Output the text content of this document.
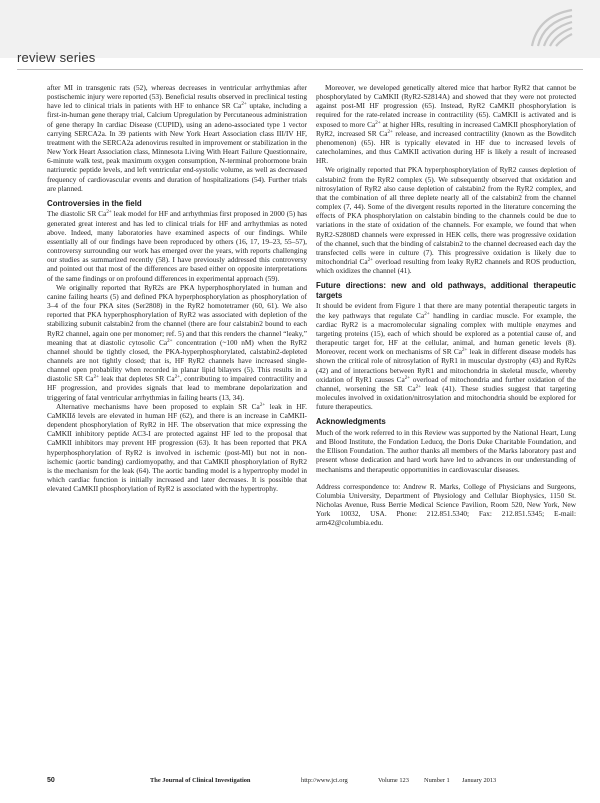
review series

after MI in transgenic rats (52), whereas decreases in ventricular arrhythmias after postischemic injury were reported (53). Beneficial results observed in preclinical testing have led to clinical trials in patients with HF to enhance SR $Ca^{2+}$ uptake, including a first-in-human gene therapy trial, Calcium Upregulation by Percutaneous administration of gene therapy In cardiac Disease (CUPID), using an adeno-associated type 1 vector carrying SERCA2a. In 39 patients with New York Heart Association class III/IV HF, treatment with the SERCA2a adenovirus resulted in improvement or stabilization in the New York Heart Association class, Minnesota Living With Heart Failure Questionnaire, 6-minute walk test, peak maximum oxygen consumption, N-terminal prohormone brain natriuretic peptide levels, and left ventricular end-systolic volume, as well as decreased frequency of cardiovascular events and duration of hospitalizations (54). Further trials are planned.

Controversies in the field

The diastolic SR $Ca^{2+}$ leak model for HF and arrhythmias first proposed in 2000 (5) has generated great interest and has led to clinical trials for HF and arrhythmias as noted above. Indeed, many laboratories have examined aspects of our findings. While essentially all of our findings have been reproduced by others (16, 17, 19–23, 55–57), controversy surrounding our work has emerged over the years, with reports challenging our studies as summarized recently (58). I have previously addressed this controversy and pointed out that most of the differences are based either on opposite interpretations of the same findings or on profound differences in experimental approach (59).

We originally reported that RyR2s are PKA hyperphosphorylated in human and canine failing hearts (5) and defined PKA hyperphosphorylation as phosphorylation of 3–4 of the four PKA sites (Ser2808) in the RyR2 homotetramer (60, 61). We also reported that PKA hyperphosphorylation of RyR2 was associated with depletion of the stabilizing subunit calstabin2 from the channel (there are four calstabin2 bound to each RyR2 channel, again one per monomer; ref. 5) and that this renders the channel “leaky,” meaning that at diastolic cytosolic $Ca^{2+}$ concentration (~100 nM) when the RyR2 channel should be tightly closed, the PKA-hyperphosphorylated, calstabin2-depleted channels are not tightly closed; that is, HF RyR2 channels have increased single-channel open probability when recorded in planar lipid bilayers (5). This results in a diastolic SR $Ca^{2+}$ leak that depletes SR $Ca^{2+}$, contributing to impaired contractility and HF progression, and provides signals that lead to membrane depolarization and triggering of fatal ventricular arrhythmias in failing hearts (13, 34).

Alternative mechanisms have been proposed to explain SR $Ca^{2+}$ leak in HF. CaMKIIδ levels are elevated in human HF (62), and there is an increase in CaMKII-dependent phosphorylation of RyR2 in HF. The observation that mice expressing the CaMKII inhibitory peptide AC3-I are protected against HF led to the proposal that CaMKII inhibitors may prevent HF progression (63). It has been reported that PKA hyperphosphorylation of RyR2 is involved in ischemic (post-MI) but not in non-ischemic (aortic banding) cardiomyopathy, and that CaMKII phosphorylation of RyR2 is the mechanism for the leak (64). The aortic banding model is a hypertrophy model in which cardiac function is initially increased and later decreases. It is possible that elevated CaMKII phosphorylation of RyR2 is associated with the hypertrophy.

Moreover, we developed genetically altered mice that harbor RyR2 that cannot be phosphorylated by CaMKII (RyR2-S2814A) and showed that they were not protected against post-MI HF progression (65). Instead, RyR2 CaMKII phosphorylation is required for the rate-related increase in contractility (65). CaMKII is activated and is exposed to more $Ca^{2+}$ at higher HRs, resulting in increased CaMKII phosphorylation of RyR2, increased SR $Ca^{2+}$ release, and increased contractility (known as the Bowditch phenomenon) (65). HR is typically elevated in HF due to increased levels of catecholamines, and thus CaMKII activation during HF is likely a result of increased HR.

We originally reported that PKA hyperphosphorylation of RyR2 causes depletion of calstabin2 from the RyR2 complex (5). We subsequently observed that oxidation and nitrosylation of RyR2 also cause depletion of calstabin2 from the RyR2 complex, and that the combination of all three deplete nearly all of the calstabin2 from the channel complex (7, 44). Some of the divergent results reported in the literature concerning the effects of PKA phosphorylation on calstabin binding to the channels could be due to variations in the state of oxidation of the channels. For example, we found that when RyR2-S2808D channels were expressed in HEK cells, there was progressive oxidation of the channel, such that the binding of calstabin2 to the channel decreased each day the transfected cells were in culture (7). This progressive oxidation is likely due to mitochondrial $Ca^{2+}$ overload resulting from leaky RyR2 channels and ROS production, which oxidizes the channel (41).

Future directions: new and old pathways, additional therapeutic targets

It should be evident from Figure 1 that there are many potential therapeutic targets in the key pathways that regulate $Ca^{2+}$ handling in cardiac muscle. For example, the cardiac RyR2 is a macromolecular signaling complex with multiple enzymes and targeting proteins (15), each of which should be explored as a potential cause of, and therapeutic target for, HF at the cellular, animal, and human genetic levels (8). Moreover, recent work on mechanisms of SR $Ca^{2+}$ leak in different disease models has shown the critical role of nitrosylation of RyR1 in muscular dystrophy (43) and RyR2s (42) and of interactions between RyR1 and mitochondria in skeletal muscle, whereby oxidation of RyR1 causes $Ca^{2+}$ overload of mitochondria and further oxidation of the channel, worsening the SR $Ca^{2+}$ leak (41). These studies suggest that targeting molecules involved in oxidation/nitrosylation and mitochondria should be explored for future therapeutics.

Acknowledgments

Much of the work referred to in this Review was supported by the National Heart, Lung and Blood Institute, the Fondation Leducq, the Doris Duke Charitable Foundation, and the Ellison Foundation. The author thanks all members of the Marks laboratory past and present whose dedication and hard work have led to advances in our understanding of mechanisms and therapeutic opportunities in cardiovascular diseases.

Address correspondence to: Andrew R. Marks, College of Physicians and Surgeons, Columbia University, Department of Physiology and Cellular Biophysics, 1150 St. Nicholas Avenue, Russ Berrie Medical Science Pavilion, Room 520, New York, New York 10032, USA. Phone: 212.851.5340; Fax: 212.851.5345; E-mail: arm42@columbia.edu.

50	The Journal of Clinical Investigation	http://www.jci.org	Volume 123 Number 1 January 2013
